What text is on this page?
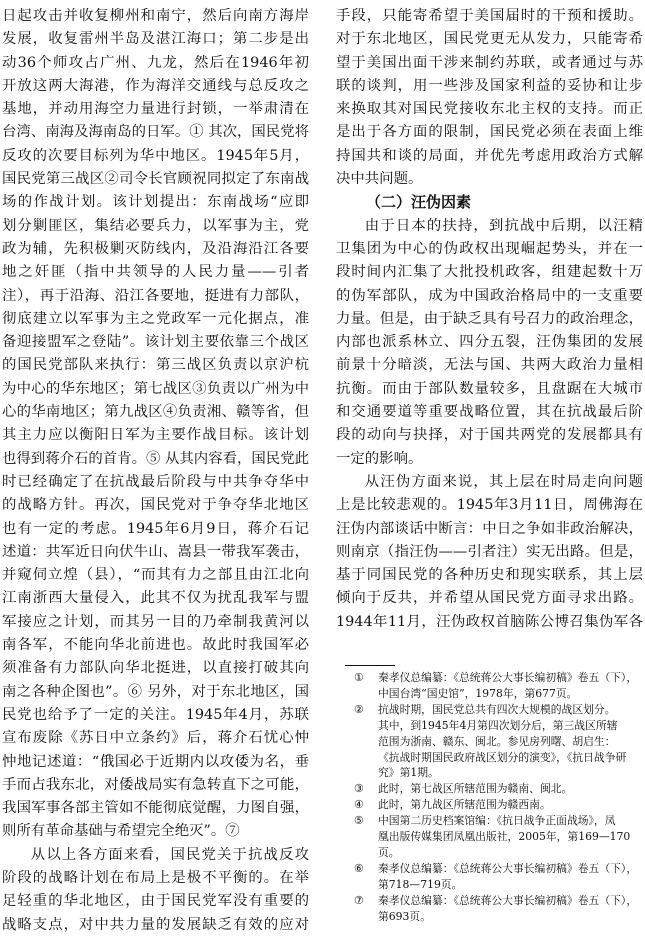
日起攻击并收复柳州和南宁，然后向南方海岸
发展，收复雷州半岛及湛江海口；第二步是出
动36个师攻占广州、九龙，然后在1946年初
开放这两大海港，作为海洋交通线与总反攻之
基地，并动用海空力量进行封锁，一举肃清在
台湾、南海及海南岛的日军。① 其次，国民党将
反攻的次要目标列为华中地区。1945年5月，
国民党第三战区②司令长官顾祝同拟定了东南战
场的作战计划。该计划提出：东南战场“应即
划分剿匪区，集结必要兵力，以军事为主，党
政为辅，先积极剿灭防线内，及沿海沿江各要
地之奸匪（指中共领导的人民力量——引者
注），再于沿海、沿江各要地，挺进有力部队，
彻底建立以军事为主之党政军一元化据点，准
备迎接盟军之登陆”。该计划主要依靠三个战区
的国民党部队来执行：第三战区负责以京沪杭
为中心的华东地区；第七战区③负责以广州为中
心的华南地区；第九战区④负责湘、赣等省，但
其主力应以衡阳日军为主要作战目标。该计划
也得到蒋介石的首肯。⑤ 从其内容看，国民党此
时已经确定了在抗战最后阶段与中共争夺华中
的战略方针。再次，国民党对于争夺华北地区
也有一定的考虑。1945年6月9日，蒋介石记
述道：共军近日向伏牛山、嵩县一带我军袭击，
并窥伺立煌（县），“而其有力之部且由江北向
江南浙西大量侵入，此其不仅为扰乱我军与盟
军接应之计划，而其另一目的乃牵制我黄河以
南各军，不能向华北前进也。故此时我国军必
须准备有力部队向华北挺进，以直接打破其向
南之各种企图也”。⑥ 另外，对于东北地区，国
民党也给予了一定的关注。1945年4月，苏联
宣布废除《苏日中立条约》后，蒋介石忧心忡
忡地记述道：“俄国必于近期内以攻倭为名，垂
手而占我东北，对倭战局实有急转直下之可能，
我国军事各部主管如不能彻底觉醒，力图自强，
则所有革命基础与希望完全绝灭”。⑦
从以上各方面来看，国民党关于抗战反攻
阶段的战略计划在布局上是极不平衡的。在举
足轻重的华北地区，由于国民党军没有重要的
战略支点，对中共力量的发展缺乏有效的应对
手段，只能寄希望于美国届时的干预和援助。
对于东北地区，国民党更无从发力，只能寄希
望于美国出面干涉来制约苏联，或者通过与苏
联的谈判，用一些涉及国家利益的妥协和让步
来换取其对国民党接收东北主权的支持。而正
是出于各方面的限制，国民党必须在表面上维
持国共和谈的局面，并优先考虑用政治方式解
决中共问题。
（二）汪伪因素
由于日本的扶持，到抗战中后期，以汪精
卫集团为中心的伪政权出现崛起势头，并在一
段时间内汇集了大批投机政客，组建起数十万
的伪军部队，成为中国政治格局中的一支重要
力量。但是，由于缺乏具有号召力的政治理念，
内部也派系林立、四分五裂，汪伪集团的发展
前景十分暗淡，无法与国、共两大政治力量相
抗衡。而由于部队数量较多，且盘踞在大城市
和交通要道等重要战略位置，其在抗战最后阶
段的动向与抉择，对于国共两党的发展都具有
一定的影响。
从汪伪方面来说，其上层在时局走向问题
上是比较悲观的。1945年3月11日，周佛海在
汪伪内部谈话中断言：中日之争如非政治解决，
则南京（指汪伪——引者注）实无出路。但是，
基于同国民党的各种历史和现实联系，其上层
倾向于反共，并希望从国民党方面寻求出路。
1944年11月，汪伪政权首脑陈公博召集伪军各
①	秦孝仪总编纂：《总统蒋公大事长编初稿》卷五（下），
中国台湾“国史馆”，1978年，第677页。
②	抗战时期，国民党总共有四次大规模的战区划分。
其中，到1945年4月第四次划分后，第三战区所辖
范围为浙南、赣东、闽北。参见房列曙、胡启生：
《抗战时期国民政府战区划分的演变》，《抗日战争研
究》第1期。
③	此时，第七战区所辖范围为赣南、闽北。
④	此时，第九战区所辖范围为赣西南。
⑤	中国第二历史档案馆编：《抗日战争正面战场》，凤
凰出版传媒集团凤凰出版社，2005年，第169—170
页。
⑥	秦孝仪总编纂：《总统蒋公大事长编初稿》卷五（下），
第718—719页。
⑦	秦孝仪总编纂：《总统蒋公大事长编初稿》卷五（下），
第693页。
